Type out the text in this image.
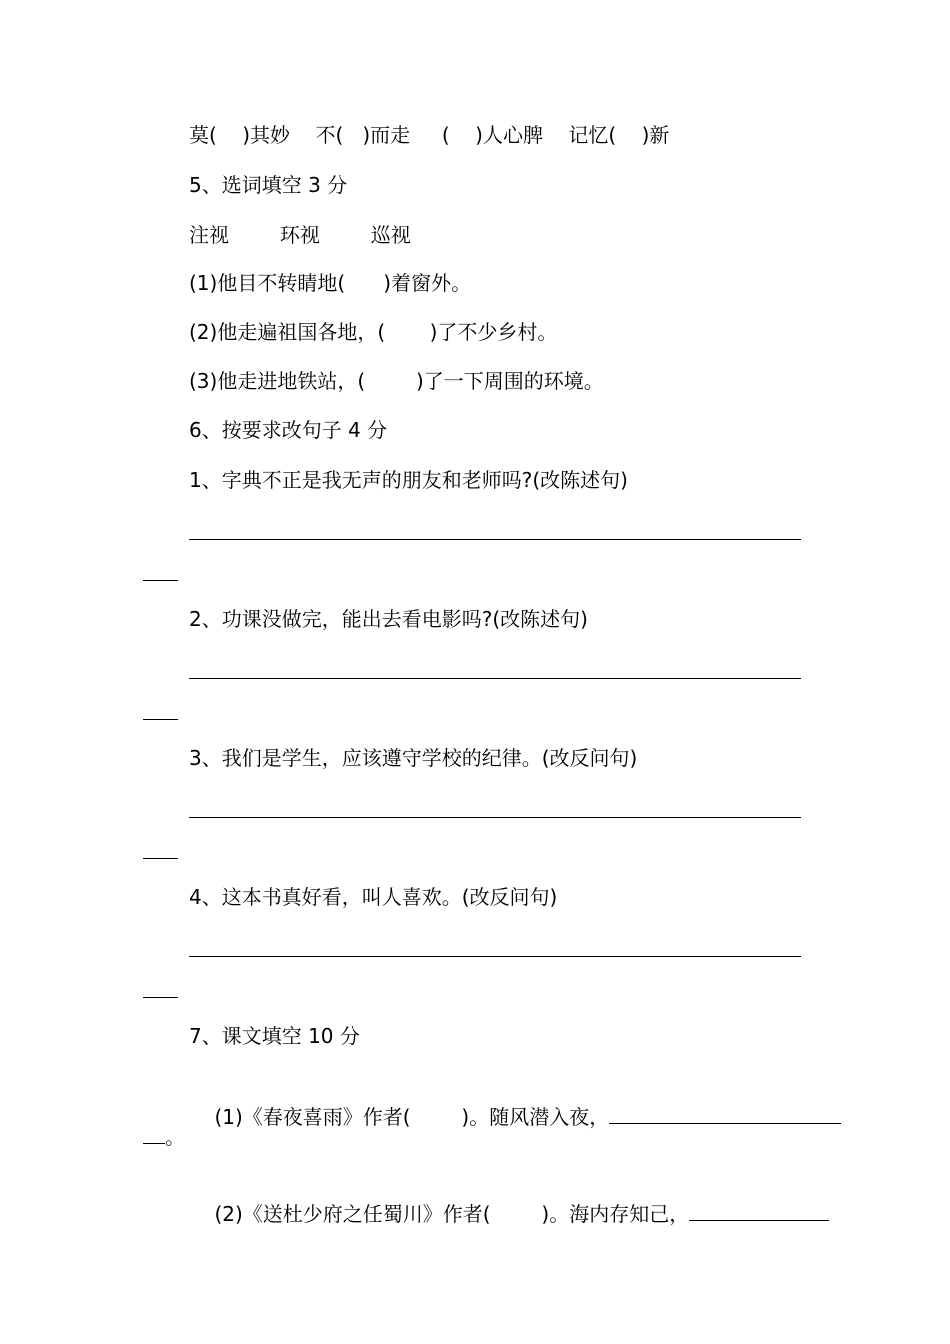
莫(    )其妙    不(   )而走     (    )人心脾    记忆(    )新
5、选词填空 3 分
注视        环视        巡视
(1)他目不转睛地(      )着窗外。
(2)他走遍祖国各地，(       )了不少乡村。
(3)他走进地铁站，(        )了一下周围的环境。
6、按要求改句子 4 分
1、字典不正是我无声的朋友和老师吗?(改陈述句)
2、功课没做完，能出去看电影吗?(改陈述句)
3、我们是学生，应该遵守学校的纪律。(改反问句)
4、这本书真好看，叫人喜欢。(改反问句)
7、课文填空 10 分

(1)《春夜喜雨》作者(        )。随风潜入夜，

。

(2)《送杜少府之任蜀川》作者(        )。海内存知己，
